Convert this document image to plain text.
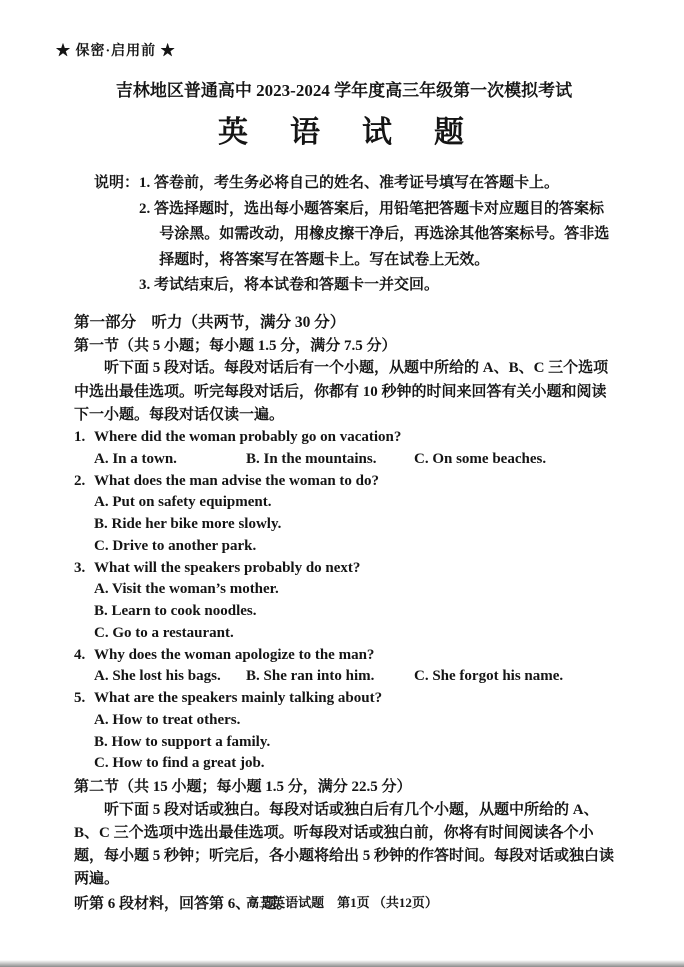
★ 保密·启用前 ★
吉林地区普通高中 2023-2024 学年度高三年级第一次模拟考试
英　语　试　题
说明： 1. 答卷前，考生务必将自己的姓名、准考证号填写在答题卡上。

2. 答选择题时，选出每小题答案后，用铅笔把答题卡对应题目的答案标号涂黑。如需改动，用橡皮擦干净后，再选涂其他答案标号。答非选择题时，将答案写在答题卡上。写在试卷上无效。

3. 考试结束后，将本试卷和答题卡一并交回。

第一部分　听力（共两节，满分 30 分）
第一节（共 5 小题；每小题 1.5 分，满分 7.5 分）

听下面 5 段对话。每段对话后有一个小题，从题中所给的 A、B、C 三个选项中选出最佳选项。听完每段对话后，你都有 10 秒钟的时间来回答有关小题和阅读下一小题。每段对话仅读一遍。

1. Where did the woman probably go on vacation?
A. In a town.	B. In the mountains.	C. On some beaches.
2. What does the man advise the woman to do?
A. Put on safety equipment.
B. Ride her bike more slowly.
C. Drive to another park.
3. What will the speakers probably do next?
A. Visit the woman’s mother.
B. Learn to cook noodles.
C. Go to a restaurant.
4. Why does the woman apologize to the man?
A. She lost his bags.	B. She ran into him.	C. She forgot his name.
5. What are the speakers mainly talking about?
A. How to treat others.
B. How to support a family.
C. How to find a great job.
第二节（共 15 小题；每小题 1.5 分，满分 22.5 分）

听下面 5 段对话或独白。每段对话或独白后有几个小题，从题中所给的 A、B、C 三个选项中选出最佳选项。听每段对话或独白前，你将有时间阅读各个小题，每小题 5 秒钟；听完后，各小题将给出 5 秒钟的作答时间。每段对话或独白读两遍。

听第 6 段材料，回答第 6、7 题。

高三英语试题　第1页 （共12页）
